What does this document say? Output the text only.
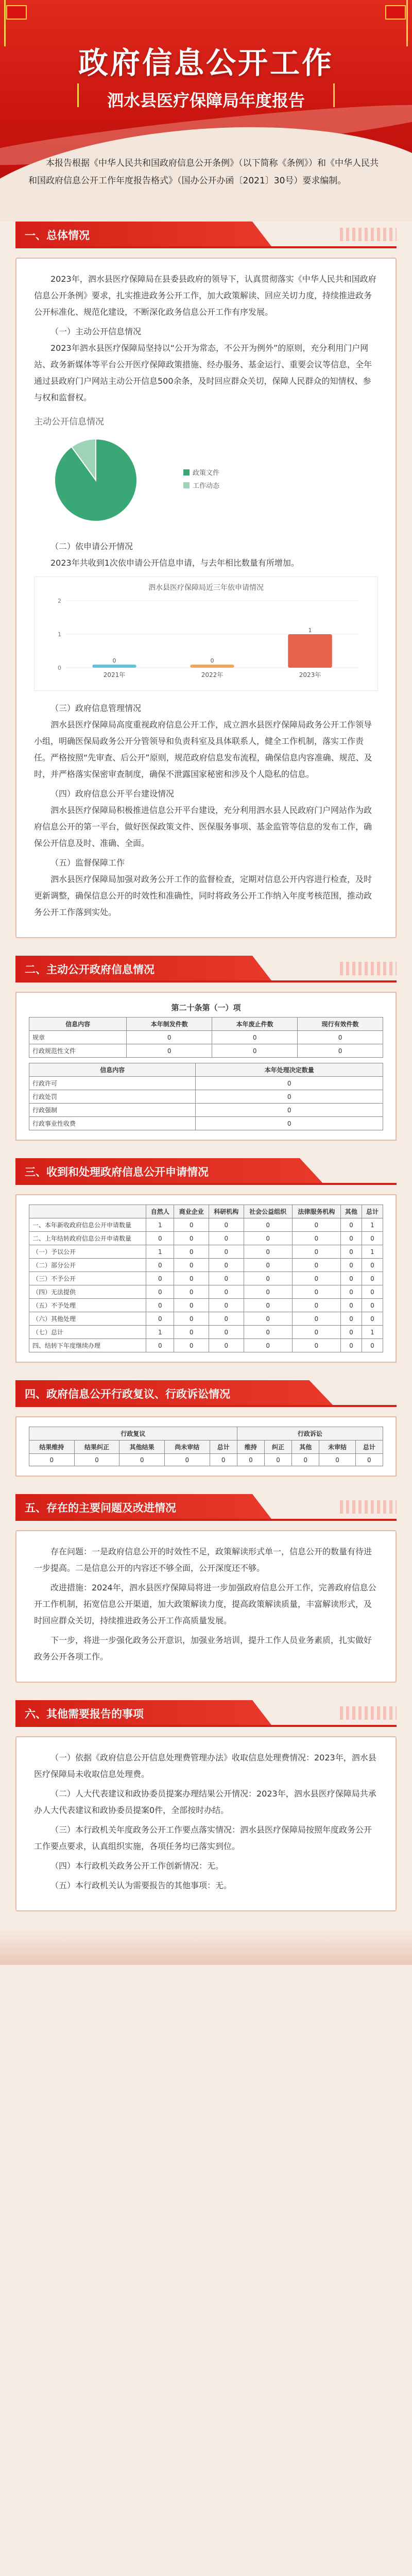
政府信息公开工作
泗水县医疗保障局年度报告
本报告根据《中华人民共和国政府信息公开条例》（以下简称《条例》）和《中华人民共和国政府信息公开工作年度报告格式》（国办公开办函〔2021〕30号）要求编制。
一、总体情况

2023年，泗水县医疗保障局在县委县政府的领导下，认真贯彻落实《中华人民共和国政府信息公开条例》要求，扎实推进政务公开工作，加大政策解读、回应关切力度，持续推进政务公开标准化、规范化建设，不断深化政务信息公开工作有序发展。

（一）主动公开信息情况

2023年泗水县医疗保障局坚持以“公开为常态，不公开为例外”的原则，充分利用门户网站、政务新媒体等平台公开医疗保障政策措施、经办服务、基金运行、重要会议等信息，全年通过县政府门户网站主动公开信息500余条，及时回应群众关切，保障人民群众的知情权、参与权和监督权。

主动公开信息情况
政策文件
工作动态

（二）依申请公开情况

2023年共收到1次依申请公开信息申请，与去年相比数量有所增加。

泗水县医疗保障局近三年依申请情况
0
1
2
0
2021年
0
2022年
1
2023年

（三）政府信息管理情况

泗水县医疗保障局高度重视政府信息公开工作，成立泗水县医疗保障局政务公开工作领导小组，明确医保局政务公开分管领导和负责科室及具体联系人，健全工作机制，落实工作责任。严格按照“先审查、后公开”原则，规范政府信息发布流程，确保信息内容准确、规范、及时，并严格落实保密审查制度，确保不泄露国家秘密和涉及个人隐私的信息。

（四）政府信息公开平台建设情况

泗水县医疗保障局积极推进信息公开平台建设，充分利用泗水县人民政府门户网站作为政府信息公开的第一平台，做好医保政策文件、医保服务事项、基金监管等信息的发布工作，确保公开信息及时、准确、全面。

（五）监督保障工作

泗水县医疗保障局加强对政务公开工作的监督检查，定期对信息公开内容进行检查，及时更新调整，确保信息公开的时效性和准确性，同时将政务公开工作纳入年度考核范围，推动政务公开工作落到实处。

二、主动公开政府信息情况
第二十条第（一）项
信息内容	本年制发件数	本年废止件数	现行有效件数
规章	0	0	0
行政规范性文件	0	0	0
信息内容	本年处理决定数量
行政许可	0
行政处罚	0
行政强制	0
行政事业性收费	0
三、收到和处理政府信息公开申请情况
	自然人	商业企业	科研机构	社会公益组织	法律服务机构	其他	总计
一、本年新收政府信息公开申请数量	1	0	0	0	0	0	1
二、上年结转政府信息公开申请数量	0	0	0	0	0	0	0
（一）予以公开	1	0	0	0	0	0	1
（二）部分公开	0	0	0	0	0	0	0
（三）不予公开	0	0	0	0	0	0	0
（四）无法提供	0	0	0	0	0	0	0
（五）不予处理	0	0	0	0	0	0	0
（六）其他处理	0	0	0	0	0	0	0
（七）总计	1	0	0	0	0	0	1
四、结转下年度继续办理	0	0	0	0	0	0	0
四、政府信息公开行政复议、行政诉讼情况
行政复议					行政诉讼				
结果维持	结果纠正	其他结果	尚未审结	总计	维持	纠正	其他	未审结	总计
0	0	0	0	0	0	0	0	0	0
五、存在的主要问题及改进情况

存在问题：一是政府信息公开的时效性不足，政策解读形式单一，信息公开的数量有待进一步提高。二是信息公开的内容还不够全面，公开深度还不够。

改进措施：2024年，泗水县医疗保障局将进一步加强政府信息公开工作，完善政府信息公开工作机制，拓宽信息公开渠道，加大政策解读力度，提高政策解读质量，丰富解读形式，及时回应群众关切，持续推进政务公开工作高质量发展。

下一步，将进一步强化政务公开意识，加强业务培训，提升工作人员业务素质，扎实做好政务公开各项工作。

六、其他需要报告的事项

（一）依据《政府信息公开信息处理费管理办法》收取信息处理费情况：2023年，泗水县医疗保障局未收取信息处理费。

（二）人大代表建议和政协委员提案办理结果公开情况：2023年，泗水县医疗保障局共承办人大代表建议和政协委员提案0件，全部按时办结。

（三）本行政机关年度政务公开工作要点落实情况：泗水县医疗保障局按照年度政务公开工作要点要求，认真组织实施，各项任务均已落实到位。

（四）本行政机关政务公开工作创新情况：无。

（五）本行政机关认为需要报告的其他事项：无。
